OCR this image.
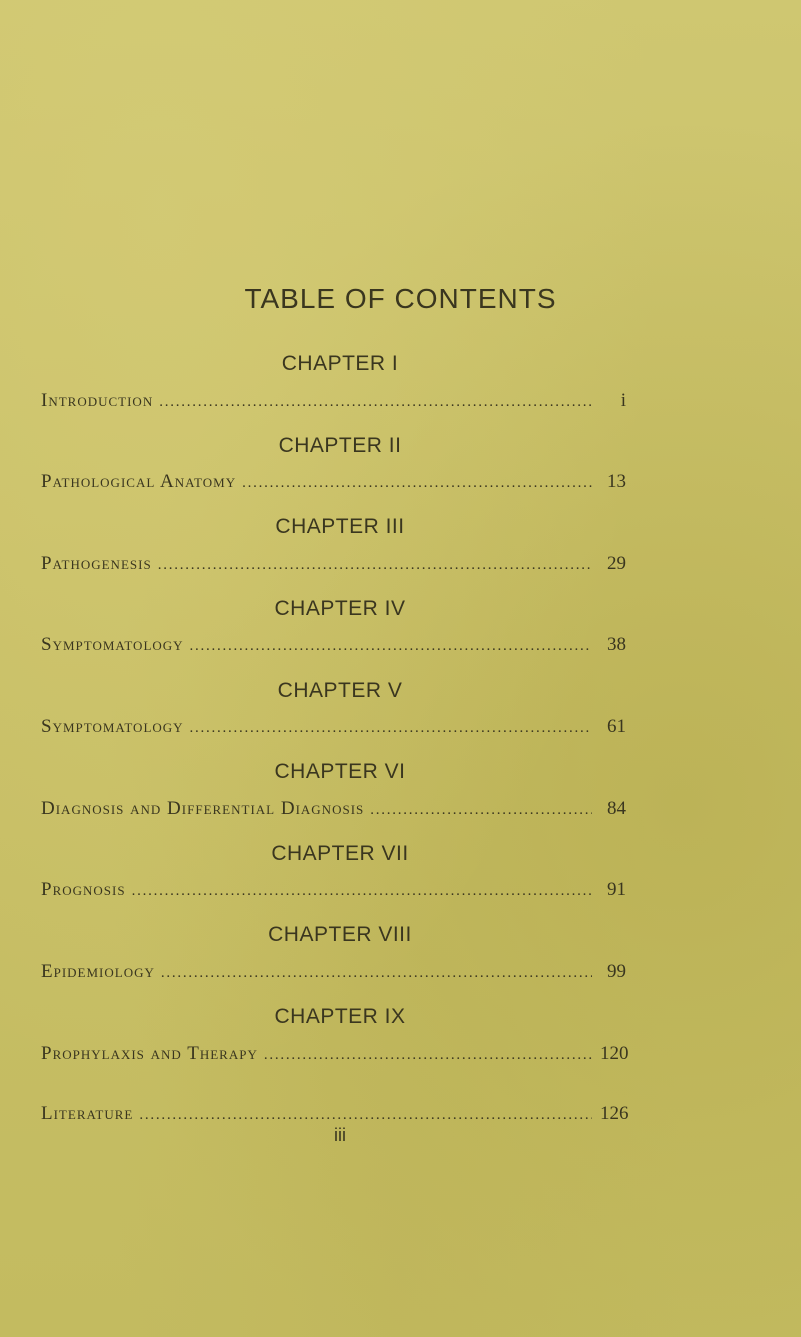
TABLE OF CONTENTS
CHAPTER I
Introduction . . .	i
CHAPTER II
Pathological Anatomy . . .	13
CHAPTER III
Pathogenesis . . .	29
CHAPTER IV
Symptomatology . . .	38
CHAPTER V
Symptomatology . . .	61
CHAPTER VI
Diagnosis and Differential Diagnosis . . .	84
CHAPTER VII
Prognosis . . .	91
CHAPTER VIII
Epidemiology . . .	99
CHAPTER IX
Prophylaxis and Therapy . . .	120
Literature . . .	126
iii
